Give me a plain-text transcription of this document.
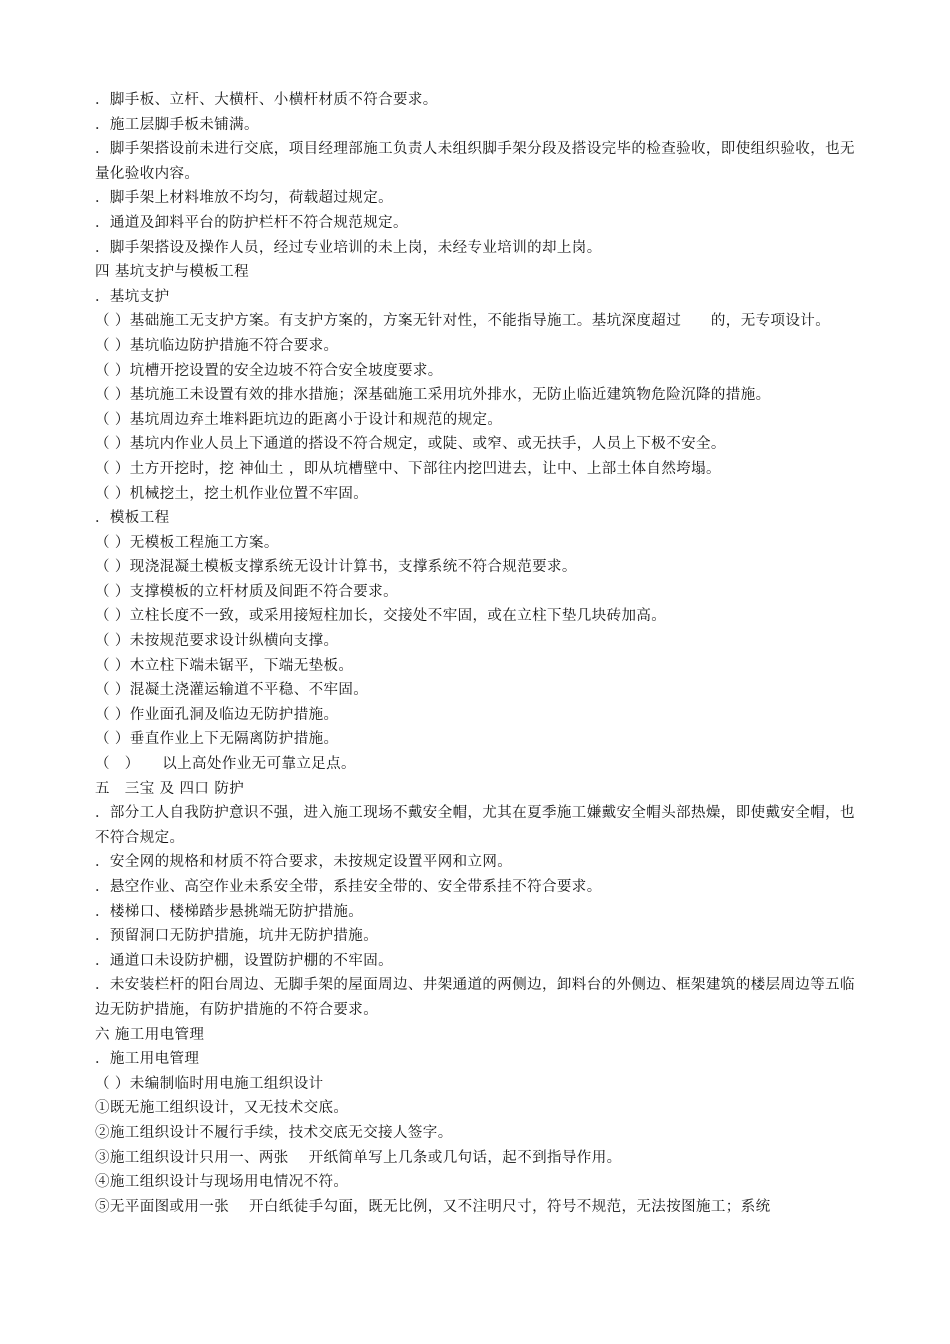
．脚手板、立杆、大横杆、小横杆材质不符合要求。
．施工层脚手板未铺满。
．脚手架搭设前未进行交底，项目经理部施工负责人未组织脚手架分段及搭设完毕的检查验收，即使组织验收，也无量化验收内容。
．脚手架上材料堆放不均匀，荷载超过规定。
．通道及卸料平台的防护栏杆不符合规范规定。
．脚手架搭设及操作人员，经过专业培训的未上岗，未经专业培训的却上岗。
四 基坑支护与模板工程
．基坑支护
（ ）基础施工无支护方案。有支护方案的，方案无针对性，不能指导施工。基坑深度超过　　的，无专项设计。
（ ）基坑临边防护措施不符合要求。
（ ）坑槽开挖设置的安全边坡不符合安全坡度要求。
（ ）基坑施工未设置有效的排水措施；深基础施工采用坑外排水，无防止临近建筑物危险沉降的措施。
（ ）基坑周边弃土堆料距坑边的距离小于设计和规范的规定。
（ ）基坑内作业人员上下通道的搭设不符合规定，或陡、或窄、或无扶手，人员上下极不安全。
（ ）土方开挖时，挖 神仙土 ，即从坑槽壁中、下部往内挖凹进去，让中、上部土体自然垮塌。
（ ）机械挖土，挖土机作业位置不牢固。
．模板工程
（ ）无模板工程施工方案。
（ ）现浇混凝土模板支撑系统无设计计算书，支撑系统不符合规范要求。
（ ）支撑模板的立杆材质及间距不符合要求。
（ ）立柱长度不一致，或采用接短柱加长，交接处不牢固，或在立柱下垫几块砖加高。
（ ）未按规范要求设计纵横向支撑。
（ ）木立柱下端未锯平，下端无垫板。
（ ）混凝土浇灌运输道不平稳、不牢固。
（ ）作业面孔洞及临边无防护措施。
（ ）垂直作业上下无隔离防护措施。
（　）　　以上高处作业无可靠立足点。
五　三宝 及 四口 防护
．部分工人自我防护意识不强，进入施工现场不戴安全帽，尤其在夏季施工嫌戴安全帽头部热燥，即使戴安全帽，也不符合规定。
．安全网的规格和材质不符合要求，未按规定设置平网和立网。
．悬空作业、高空作业未系安全带，系挂安全带的、安全带系挂不符合要求。
．楼梯口、楼梯踏步悬挑端无防护措施。
．预留洞口无防护措施，坑井无防护措施。
．通道口未设防护棚，设置防护棚的不牢固。
．未安装栏杆的阳台周边、无脚手架的屋面周边、井架通道的两侧边，卸料台的外侧边、框架建筑的楼层周边等五临边无防护措施，有防护措施的不符合要求。
六 施工用电管理
．施工用电管理
（ ）未编制临时用电施工组织设计
①既无施工组织设计，又无技术交底。
②施工组织设计不履行手续，技术交底无交接人签字。
③施工组织设计只用一、两张　 开纸简单写上几条或几句话，起不到指导作用。
④施工组织设计与现场用电情况不符。
⑤无平面图或用一张　 开白纸徒手勾面，既无比例，又不注明尺寸，符号不规范，无法按图施工；系统
